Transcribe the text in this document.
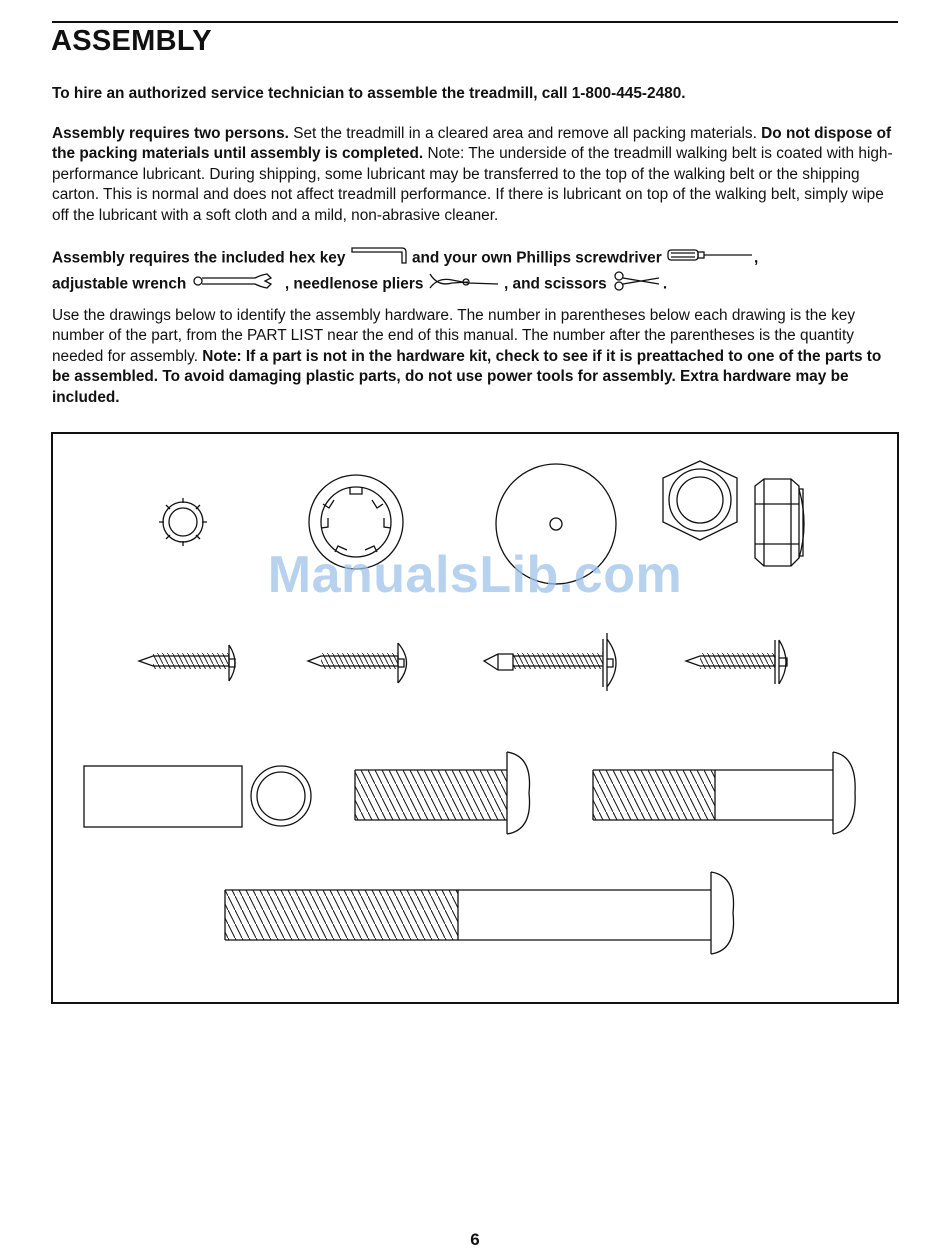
ASSEMBLY

To hire an authorized service technician to assemble the treadmill, call 1-800-445-2480.

Assembly requires two persons. Set the treadmill in a cleared area and remove all packing materials. Do not dispose of the packing materials until assembly is completed. Note: The underside of the treadmill walking belt is coated with high-performance lubricant. During shipping, some lubricant may be transferred to the top of the walking belt or the shipping carton. This is normal and does not affect treadmill performance. If there is lubricant on top of the walking belt, simply wipe off the lubricant with a soft cloth and a mild, non-abrasive cleaner.

Assembly requires the included hex key	and your own Phillips screwdriver	,
adjustable wrench	, needlenose pliers	, and scissors	.

Use the drawings below to identify the assembly hardware. The number in parentheses below each drawing is the key number of the part, from the PART LIST near the end of this manual. The number after the parentheses is the quantity needed for assembly. Note: If a part is not in the hardware kit, check to see if it is preattached to one of the parts to be assembled. To avoid damaging plastic parts, do not use power tools for assembly. Extra hardware may be included.

ManualsLib.com
6
